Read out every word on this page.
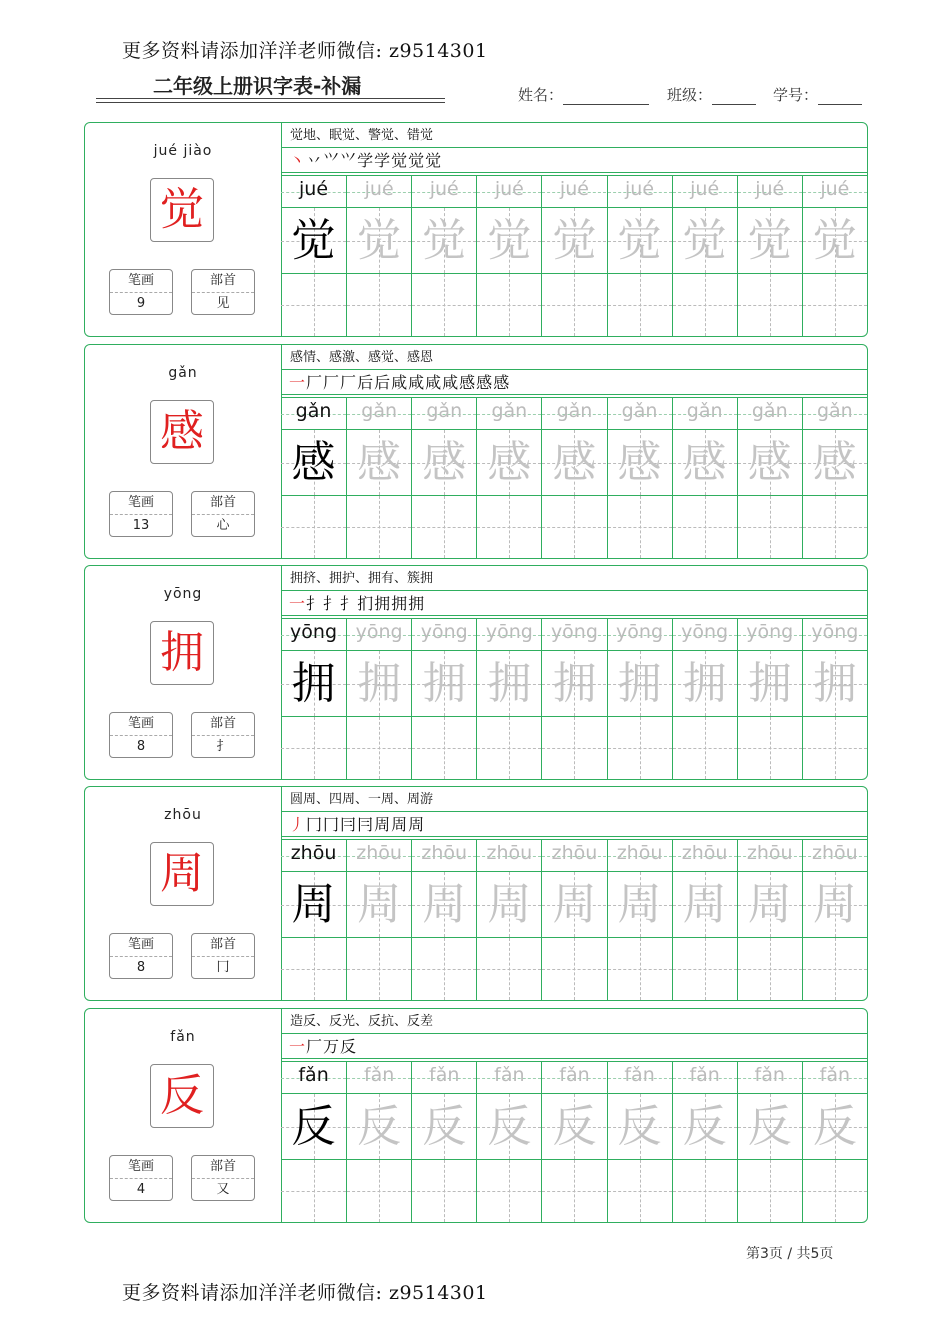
更多资料请添加洋洋老师微信: z9514301
二年级上册识字表-补漏	姓名：	班级：	学号：
jué jiào
觉
笔画
9
部首
见
觉地、眠觉、警觉、错觉
丶丷⺍𭕄学学觉觉觉
jué	jué	jué	jué	jué	jué	jué	jué	jué
觉 觉 觉 觉 觉 觉 觉 觉 觉
gǎn
感
笔画
13
部首
心
感情、感激、感觉、感恩
一厂厂厂后后咸咸咸咸感感感
gǎn	gǎn	gǎn	gǎn	gǎn	gǎn	gǎn	gǎn	gǎn
感 感 感 感 感 感 感 感 感
yōng
拥
笔画
8
部首
扌
拥挤、拥护、拥有、簇拥
一扌扌扌扪拥拥拥
yōng yōng yōng yōng yōng yōng yōng yōng yōng
拥 拥 拥 拥 拥 拥 拥 拥 拥
zhōu
周
笔画
8
部首
冂
圆周、四周、一周、周游
丿冂冂冃冃周周周
zhōu	zhōu	zhōu	zhōu	zhōu	zhōu	zhōu	zhōu	zhōu
周 周 周 周 周 周 周 周 周
fǎn
反
笔画
4
部首
又
造反、反光、反抗、反差
一厂万反
fǎn	fǎn	fǎn	fǎn	fǎn	fǎn	fǎn	fǎn	fǎn
反 反 反 反 反 反 反 反 反
第3页 / 共5页
更多资料请添加洋洋老师微信: z9514301
